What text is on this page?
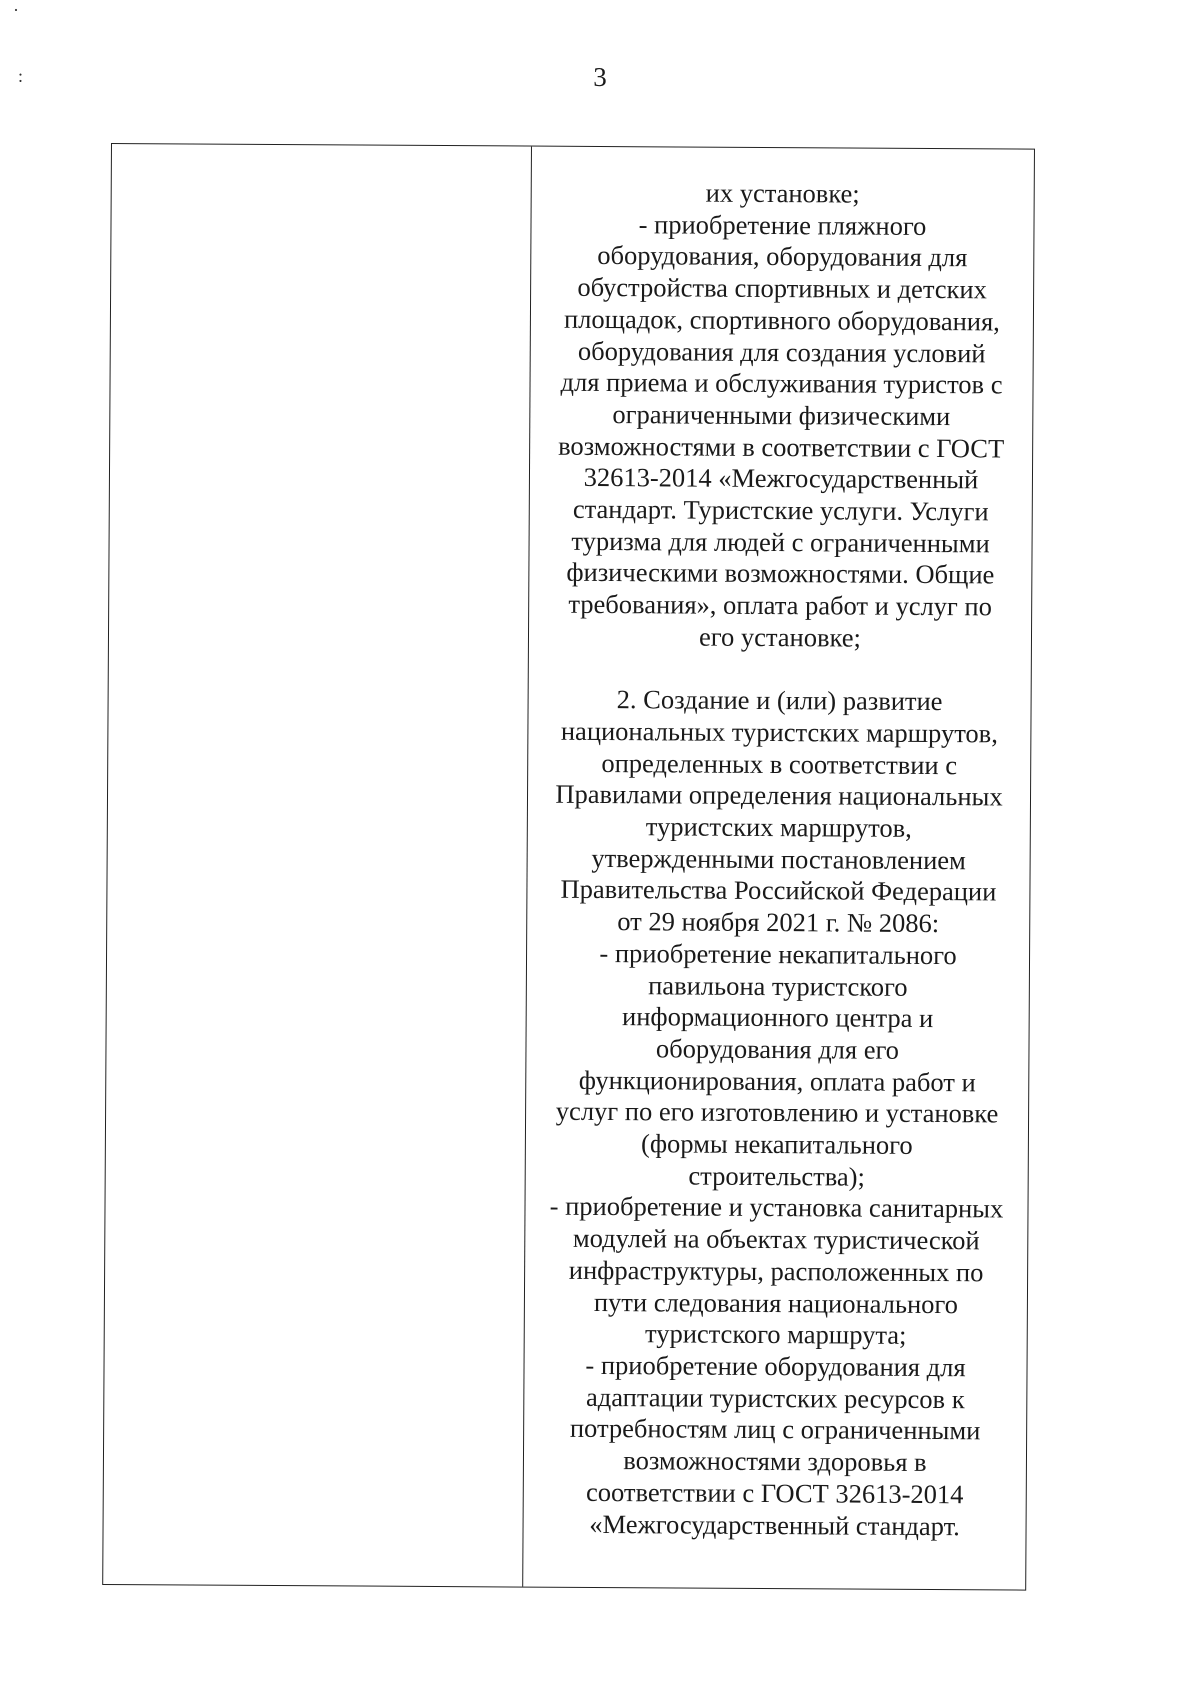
·
:	3
их установке;
- приобретение пляжного
оборудования, оборудования для
обустройства спортивных и детских
площадок, спортивного оборудования,
оборудования для создания условий
для приема и обслуживания туристов с
ограниченными физическими
возможностями в соответствии с ГОСТ
32613-2014 «Межгосударственный
стандарт. Туристские услуги. Услуги
туризма для людей с ограниченными
физическими возможностями. Общие
требования», оплата работ и услуг по
его установке;
2. Создание и (или) развитие
национальных туристских маршрутов,
определенных в соответствии с
Правилами определения национальных
туристских маршрутов,
утвержденными постановлением
Правительства Российской Федерации
от 29 ноября 2021 г. № 2086:
- приобретение некапитального
павильона туристского
информационного центра и
оборудования для его
функционирования, оплата работ и
услуг по его изготовлению и установке
(формы некапитального
строительства);
- приобретение и установка санитарных
модулей на объектах туристической
инфраструктуры, расположенных по
пути следования национального
туристского маршрута;
- приобретение оборудования для
адаптации туристских ресурсов к
потребностям лиц с ограниченными
возможностями здоровья в
соответствии с ГОСТ 32613-2014
«Межгосударственный стандарт.
